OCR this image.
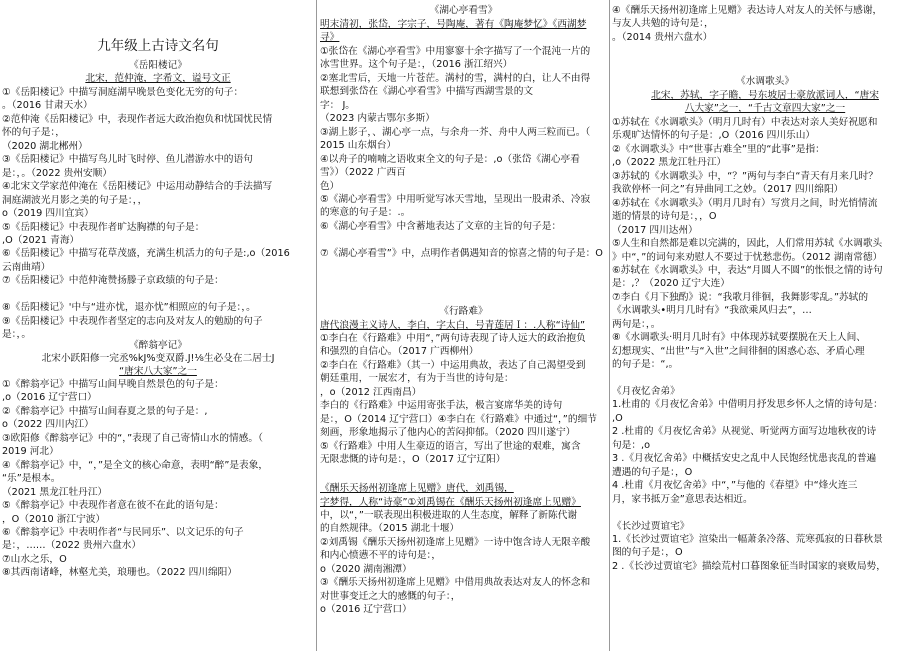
九年级上古诗文名句
《岳阳楼记》
北宋，范仲淹，字希文，谥号文正
①《岳阳楼记》中描写洞庭湖早晚景色变化无穷的句子：
。（2016 甘肃天水）
②范仲淹《岳阳楼记》中，表现作者远大政治抱负和忧国忧民情
怀的句子是：，
（2020 湖北郴州）
③《岳阳楼记》中描写鸟儿时飞时停、鱼儿潜游水中的语句
是：，。（2022 贵州安顺）
④北宋文学家范仲淹在《岳阳楼记》中运用动静结合的手法描写
洞庭湖波光月影之美的句子是：，，
o（2019 四川宜宾）
⑤《岳阳楼记》中表现作者旷达胸襟的句子是：
,O（2021 青海）
⑥《岳阳楼记》中描写花草茂盛，充满生机活力的句子是:,o（2016
云南曲靖）
⑦《岳阳楼记》中范仲淹赞扬滕子京政绩的句子是：
⑧《岳阳楼记》'中与“进亦忧，退亦忧”相照应的句子是：，。
⑨《岳阳楼记》中表现作者坚定的志向及对友人的勉励的句子
是：，。
《醉翁亭记》
北宋小跃阳修一完丞%kJ%变双爵.J!⅛生必殳在二居士J
“唐宋八大家”之一
①《醉翁亭记》中描写山间早晚自然景色的句子是：
,o（2016 辽宁营口）
②《醉翁亭记》中描写山间春夏之景的句子是：,
o（2022 四川内江）
③欧阳修《醉翁亭记》中的“，”表现了自己寄情山水的情感。（
2019 河北）
④《醉翁亭记》中，“，”是全文的核心命意，表明“醉”是表象，
“乐”是根本。
（2021 黑龙江牡丹江）
⑤《醉翁亭记》中表现作者意在彼不在此的语句是：
，O（2010 浙江宁波）
⑥《醉翁亭记》中表明作者“与民同乐”、以文记乐的句子
是：，……（2022 贵州六盘水）
⑦山水之乐，O
⑧其西南诸峰，林壑尤美，琅珊也。（2022 四川绵阳）
《湖心亭看雪》
明末清初，张岱，字宗子，号陶庵，著有《陶庵梦忆》《西湖梦
寻》
①张岱在《湖心亭看雪》中用寥寥十余字描写了一个混沌一片的
冰雪世界。这个句子是：，（2016 浙江绍兴）
②塞北雪后，天地一片苍茫。满村的雪，满村的白，让人不由得
联想到张岱在《湖心亭看雪》中描写西湖雪景的文
字： J。
（2023 内蒙古鄂尔多斯）
③湖上影子，、湖心亭一点，与余舟一芥、舟中人两三粒而已。（
2015 山东烟台）
④以舟子的喃喃之语收束全文的句子是：,o（张岱《湖心亭看
雪》）（2022 广西百
色）
⑤《湖心亭看雪》中用听觉写冰天雪地，呈现出一股肃杀、冷寂
的寒意的句子是：.。
⑥《湖心亭看雪》中含蓄地表达了文章的主旨的句子是：
⑦《湖心亭看雪”》中，点明作者偶遇知音的惊喜之情的句子是：O
《行路难》
唐代浪漫主义诗人，李白，字太白，号青莲居Ｉ：.人称“诗仙”
①李白在《行路难》中用“，”两句诗表现了诗人远大的政治抱负
和强烈的自信心。（2017 广西柳州）
②李白在《行路难》（其一）中运用典故，表达了自己渴望受到
朝廷重用，一展宏才，有为于当世的诗句是：
，o（2012 江西南昌）
李白的《行路难》中运用寄张手法，极言宴席华美的诗句
是：，O（2014 辽宁营口）④李白在《行路难》中通过“，”的细节
刻画，形象地揭示了他内心的苦闷抑郁。（2020 四川遂宁）
⑤《行路难》中用人生豪迈的语言，写出了世途的艰难，寓含
无限悲慨的诗句是：，O（2017 辽宁辽阳）
《酬乐天扬州初逢席上见赠》唐代，刘禹锡，
字梦得，人称“诗豪”①刘禹锡在《酬乐天扬州初逢席上见赠》
中，以“，”一联表现出积极进取的人生态度，解释了新陈代谢
的自然规律。（2015 湖北十堰）
②刘禹锡《酬乐天扬州初逢席上见赠》一诗中饱含诗人无限辛酸
和内心愤懑不平的诗句是：，
o（2020 湖南湘潭）
③《酬乐天扬州初逢席上见赠》中借用典故表达对友人的怀念和
对世事变迁之大的感慨的句子：，
o（2016 辽宁营口）
④《酬乐天扬州初逢席上见赠》表达诗人对友人的关怀与感谢，
与友人共勉的诗句是：，
。（2014 贵州六盘水）
《水调歌头》
北宋，苏轼，字子瞻，号东坡居士豪放派词人，“唐宋
八大家”之一，“千古文章四大家”之一
①苏轼在《水调歌头》（明月几时有）中表达对亲人美好祝愿和
乐观旷达情怀的句子是：,O（2016 四川乐山）
②《水调歌头》中“世事古难全”里的“此事”是指：
,o（2022 黑龙江牡丹江）
③苏轼的《水调歌头》中，“？”两句与李白“青天有月来几时？
我欲停杯一问之”有异曲同工之妙。（2017 四川绵阳）
④苏轼在《水调歌头》（明月几时有）写赏月之间，时光悄情流
逝的情景的诗句是：，，O
（2017 四川达州）
⑤人生和自然都是难以完满的，因此，人们常用苏轼《水调歌头
》中“，”的词句来劝慰人不要过于忧愁悲伤。（2012 湖南常德）
⑥苏轼在《水调歌头》中，表达“月圆人不圆”的怅恨之情的诗句
是：,？（2020 辽宁大连）
⑦李白《月下独酌》说：“我歌月徘徊，我舞影零乱。”苏轼的
《水调歌头•明月几时有》“我欲乘风归去”，…
两句是：，。
⑧《水调歌头·明月几时有》中体现苏轼要摆脱在天上人间、
幻想现实、“出世”与“入世”之间徘徊的困惑心态、矛盾心理
的句子是：“,。
《月夜忆舍弟》
1.杜甫的《月夜忆舍弟》中借明月抒发思乡怀人之情的诗句是：
,O
2 .杜甫的《月夜忆舍弟》从视觉、听觉两方面写边地秋夜的诗
句是：,o
3 .《月夜忆舍弟》中概括安史之乱中人民饱经忧患丧乱的普遍
遭遇的句子是：，O
4 .杜甫《月夜忆舍弟》中“，”与他的《春望》中“烽火连三
月，家书抵万金”意思表达相近。
《长沙过贾谊宅》
1.《长沙过贾谊宅》渲染出一幅萧条冷落、荒寒孤寂的日暮秋景
图的句子是：，O
2 .《长沙过贾谊宅》描绘荒村口暮图象征当时国家的衰败局势，
